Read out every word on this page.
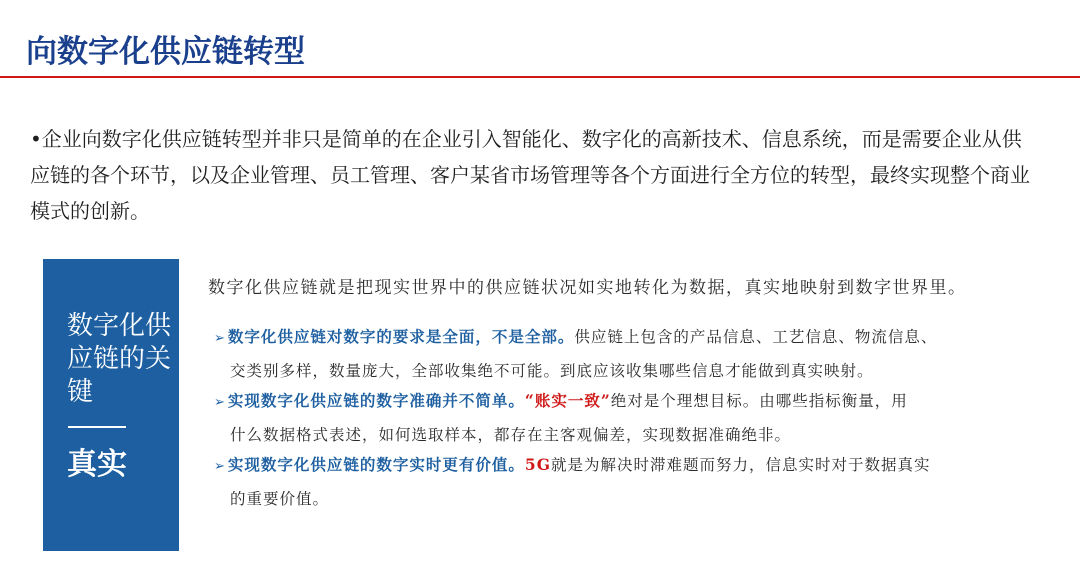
向数字化供应链转型

•企业向数字化供应链转型并非只是简单的在企业引入智能化、数字化的高新技术、信息系统，而是需要企业从供应链的各个环节，以及企业管理、员工管理、客户某省市场管理等各个方面进行全方位的转型，最终实现整个商业模式的创新。

数字化供应链的关键
真实
数字化供应链就是把现实世界中的供应链状况如实地转化为数据，真实地映射到数字世界里。
➢ 数字化供应链对数字的要求是全面，不是全部。供应链上包含的产品信息、工艺信息、物流信息、
交类别多样，数量庞大，全部收集绝不可能。到底应该收集哪些信息才能做到真实映射。
➢ 实现数字化供应链的数字准确并不简单。“账实一致”绝对是个理想目标。由哪些指标衡量，用
什么数据格式表述，如何选取样本，都存在主客观偏差，实现数据准确绝非。
➢ 实现数字化供应链的数字实时更有价值。5G就是为解决时滞难题而努力，信息实时对于数据真实
的重要价值。
